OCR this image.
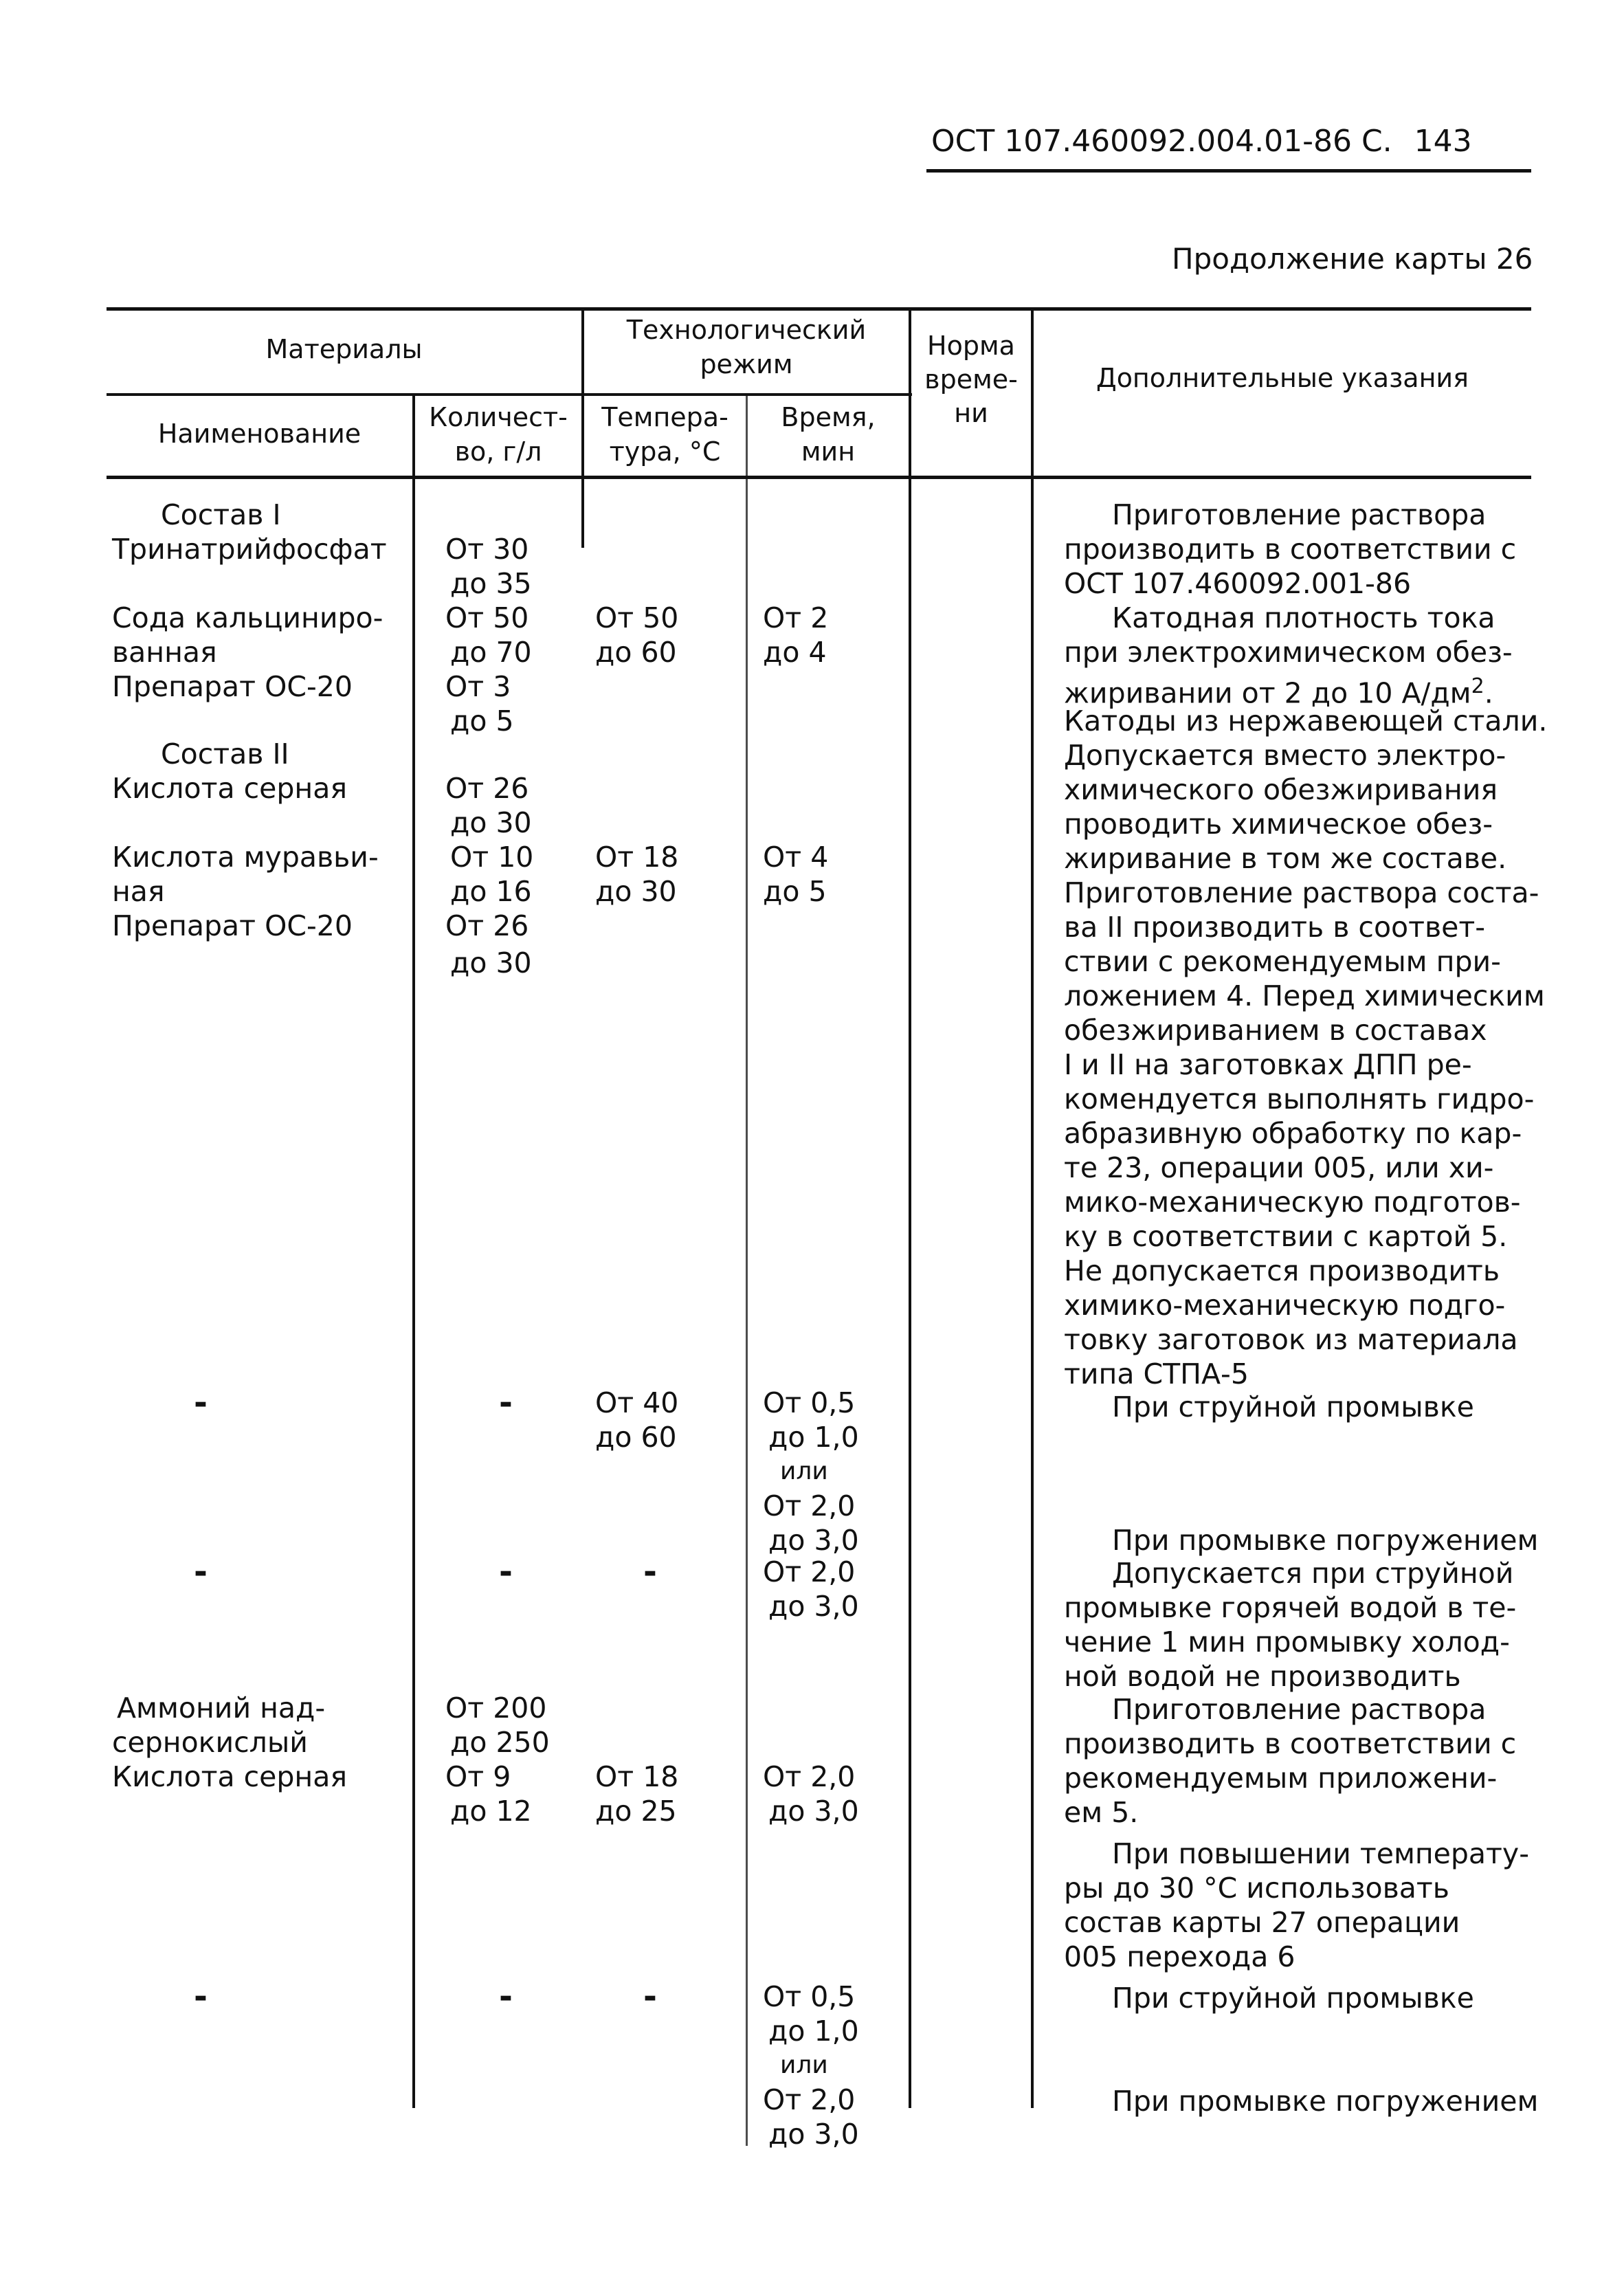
ОСТ 107.460092.004.01-86 С. 143
Продолжение карты 26
Материалы
Технологический
режим
Норма
време-
ни
Дополнительные указания
Наименование
Количест-
во, г/л
Темпера-
тура, °С
Время,
мин
Состав I
Тринатрийфосфат
Сода кальциниро-
ванная
Препарат ОС-20
Состав II
Кислота серная
Кислота муравьи-
ная
Препарат ОС-20
-
-
Аммоний над-
сернокислый
Кислота серная
-
От 30
до 35
От 50
до 70
От 3
до 5
От 26
до 30
От 10
до 16
От 26
до 30
-
-
От 200
до 250
От 9
до 12
-
От 50
до 60
От 18
до 30
От 40
до 60
-
От 18
до 25
-
От 2
до 4
От 4
до 5
От 0,5
до 1,0
или
От 2,0
до 3,0
От 2,0
до 3,0
От 2,0
до 3,0
От 0,5
до 1,0
или
От 2,0
до 3,0
Приготовление раствора
производить в соответствии с
ОСТ 107.460092.001-86
Катодная плотность тока
при электрохимическом обез-
жиривании от 2 до 10 $А/дм^2$.
Катоды из нержавеющей стали.
Допускается вместо электро-
химического обезжиривания
проводить химическое обез-
жиривание в том же составе.
Приготовление раствора соста-
ва II производить в соответ-
ствии с рекомендуемым при-
ложением 4. Перед химическим
обезжириванием в составах
I и II на заготовках ДПП ре-
комендуется выполнять гидро-
абразивную обработку по кар-
те 23, операции 005, или хи-
мико-механическую подготов-
ку в соответствии с картой 5.
Не допускается производить
химико-механическую подго-
товку заготовок из материала
типа СТПА-5
При струйной промывке
При промывке погружением
Допускается при струйной
промывке горячей водой в те-
чение 1 мин промывку холод-
ной водой не производить
Приготовление раствора
производить в соответствии с
рекомендуемым приложени-
ем 5.
При повышении температу-
ры до 30 °С использовать
состав карты 27 операции
005 перехода 6
При струйной промывке
При промывке погружением
